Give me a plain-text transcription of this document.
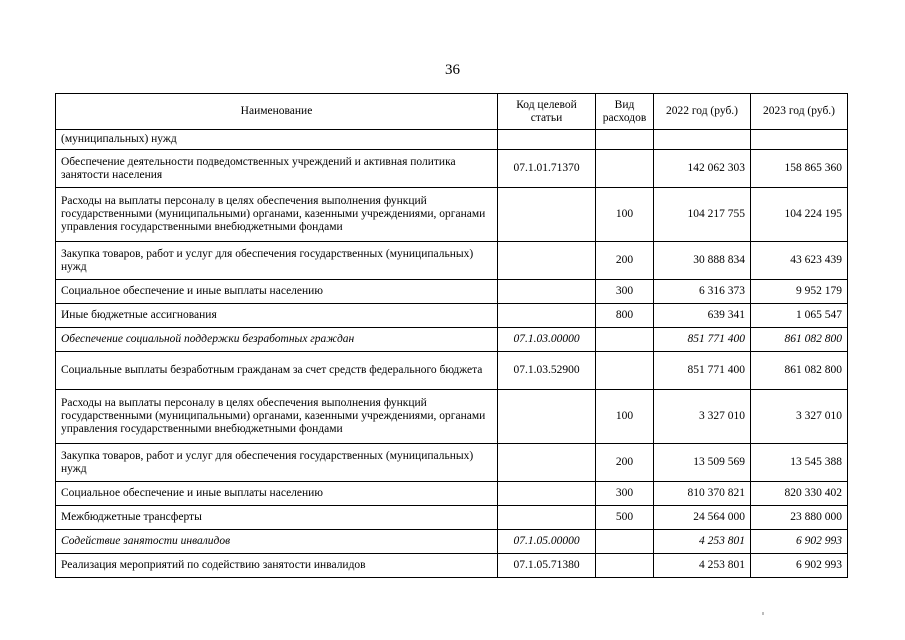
36
Наименование	Код целевой статьи	Вид расходов	2022 год (руб.)	2023 год (руб.)
(муниципальных) нужд				
Обеспечение деятельности подведомственных учреждений и активная политика занятости населения	07.1.01.71370		142 062 303	158 865 360
Расходы на выплаты персоналу в целях обеспечения выполнения функций государственными (муниципальными) органами, казенными учреждениями, органами управления государственными внебюджетными фондами		100	104 217 755	104 224 195
Закупка товаров, работ и услуг для обеспечения государственных (муниципальных) нужд		200	30 888 834	43 623 439
Социальное обеспечение и иные выплаты населению		300	6 316 373	9 952 179
Иные бюджетные ассигнования		800	639 341	1 065 547
Обеспечение социальной поддержки безработных граждан	07.1.03.00000		851 771 400	861 082 800
Социальные выплаты безработным гражданам за счет средств федерального бюджета	07.1.03.52900		851 771 400	861 082 800
Расходы на выплаты персоналу в целях обеспечения выполнения функций государственными (муниципальными) органами, казенными учреждениями, органами управления государственными внебюджетными фондами		100	3 327 010	3 327 010
Закупка товаров, работ и услуг для обеспечения государственных (муниципальных) нужд		200	13 509 569	13 545 388
Социальное обеспечение и иные выплаты населению		300	810 370 821	820 330 402
Межбюджетные трансферты		500	24 564 000	23 880 000
Содействие занятости инвалидов	07.1.05.00000		4 253 801	6 902 993
Реализация мероприятий по содействию занятости инвалидов	07.1.05.71380		4 253 801	6 902 993
